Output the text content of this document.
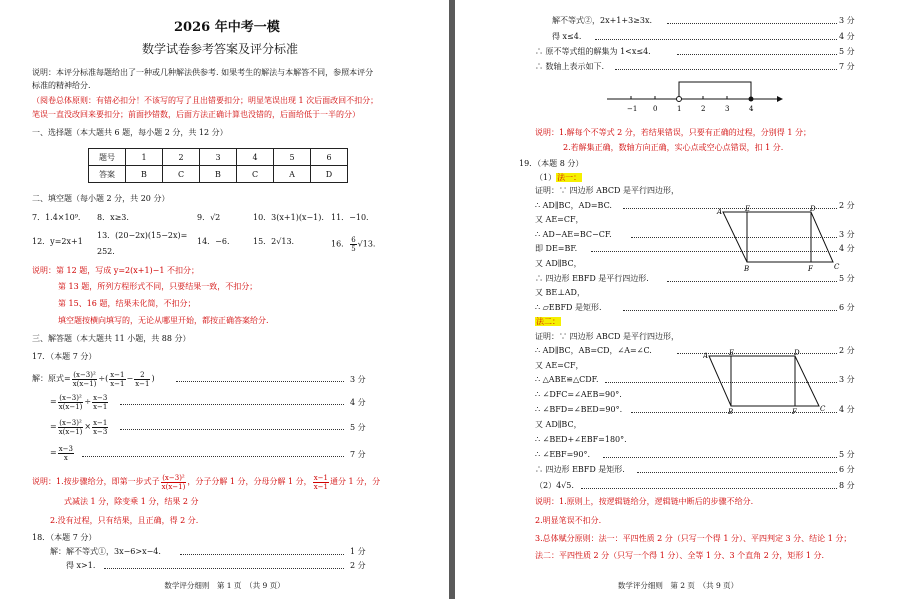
2026 年中考一模
数学试卷参考答案及评分标准
说明：本评分标准每题给出了一种或几种解法供参考. 如果考生的解法与本解答不同，参照本评分
标准的精神给分.
（阅卷总体原则：有错必扣分！不该写的写了且出错要扣分；明显笔误出现 1 次后面改回不扣分；
笔误一直没改回来要扣分；前面抄错数，后面方法正确计算也没错的，后面给低于一半的分）
一、选择题（本大题共 6 题，每小题 2 分，共 12 分）
题号	1	2	3	4	5	6
答案	B	C	B	C	A	D
二、填空题（每小题 2 分，共 20 分）
7．1.4×10⁹. 8．x≥3.	9．√2	10．3(x+1)(x−1). 11．−10.
12．y=2x+1
13．(20−2x)(15−2x)=
252.
14．−6.	15．2√13.	16． $\frac{6}{5} √13$.
说明：第 12 题，写成 y=2(x+1)−1 不扣分；
第 13 题，所列方程形式不同，只要结果一致，不扣分；
第 15、16 题，结果未化简，不扣分；
填空题按横向填写的，无论从哪里开始，都按正确答案给分.
三、解答题（本大题共 11 小题，共 88 分）
17．（本题 7 分）
解：原式= $\frac{\text{(x−3)²}}{x(x-1)}$ ÷( $\frac{x-1}{x-1} - \frac{2}{x-1}$ )	3 分
= $\frac{\text{(x−3)²}}{x(x-1)} \div \frac{x-3}{x-1}$	4 分
= $\frac{\text{(x−3)²}}{x(x-1)} \times \frac{x-1}{x-3}$	5 分
= $\frac{x-3}{x}$	7 分
说明：1.按步骤给分，即第一步式子 $\frac{\text{(x−3)²}}{x(x-1)}$ ，分子分解 1 分，分母分解 1 分， $\frac{x-1}{x-1}$ 通分 1 分，分
式减法 1 分，除变乘 1 分，结果 2 分
2.没有过程，只有结果，且正确，得 2 分.
18．（本题 7 分）
解：解不等式①，3x−6>x−4.	1 分
得 x>1.	2 分
数学评分细则　第 1 页　（共 9 页）
解不等式②，2x+1+3≥3x.	3 分
得 x≤4.	4 分
∴ 原不等式组的解集为 1<x≤4.	5 分
∴ 数轴上表示如下.	7 分
−1 0	1	2	3	4
说明：1.解每个不等式 2 分，若结果错误，只要有正确的过程，分别得 1 分；
2.若解集正确，数轴方向正确，实心点或空心点错误，扣 1 分.
19．（本题 8 分）
（1）法一：
证明：∵ 四边形 ABCD 是平行四边形，
∴ AD∥BC，AD=BC.	2 分
又 AE=CF，
∴ AD−AE=BC−CF.	3 分
即 DE=BF.	4 分
又 AD∥BC，
∴ 四边形 EBFD 是平行四边形.	5 分
又 BE⊥AD，
∴ ▱EBFD 是矩形.	6 分
A	E	D
B	F	C
法二：
证明：∵ 四边形 ABCD 是平行四边形，
∴ AD∥BC，AB=CD，∠A=∠C.	2 分
又 AE=CF，
∴ △ABE≌△CDF.	3 分
∴ ∠DFC=∠AEB=90°.
∴ ∠BFD=∠BED=90°.	4 分
又 AD∥BC，
∴ ∠BED+∠EBF=180°.
∴ ∠EBF=90°.	5 分
∴ 四边形 EBFD 是矩形.	6 分
A	E	D
B	F	C
（2）4√5.	8 分
说明：1.原则上，按逻辑链给分，逻辑链中断后的步骤不给分.
2.明显笔误不扣分.
3.总体赋分原则：法一：平四性质 2 分（只写一个得 1 分）、平四判定 3 分、结论 1 分；
法二：平四性质 2 分（只写一个得 1 分）、全等 1 分、3 个直角 2 分，矩形 1 分.
数学评分细则　第 2 页　（共 9 页）
